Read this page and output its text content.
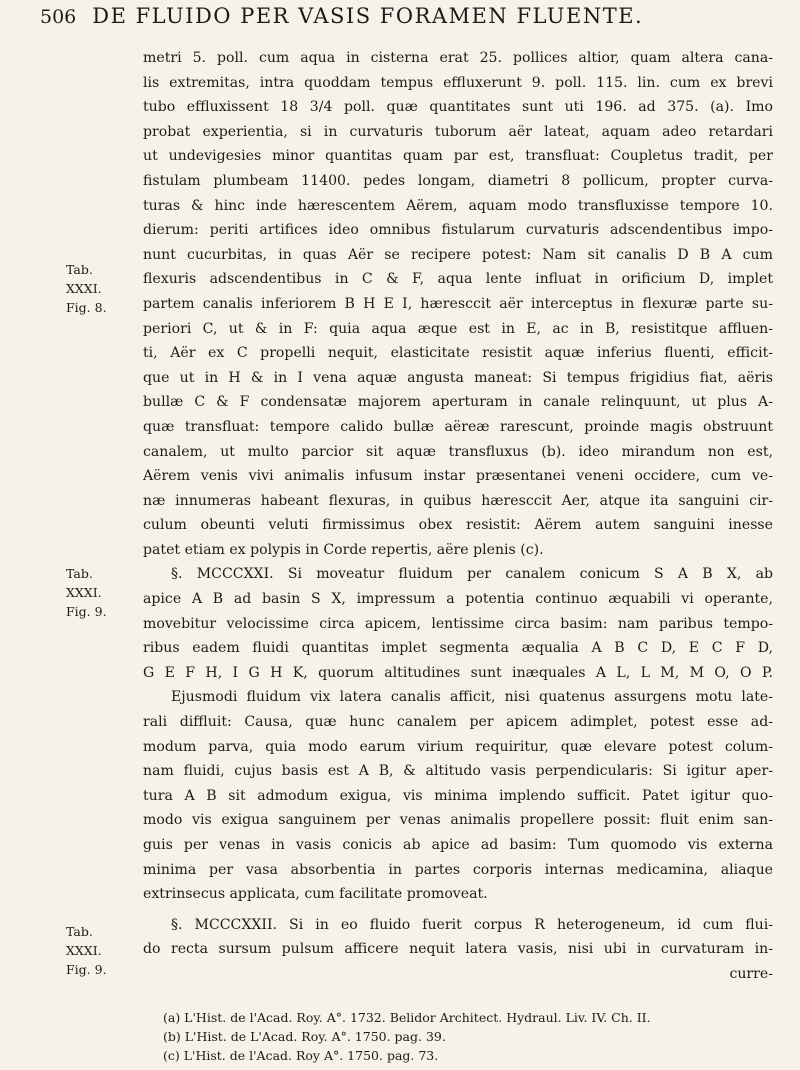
506 DE FLUIDO PER VASIS FORAMEN FLUENTE.
Tab.
XXXI.
Fig. 8.
Tab.
XXXI.
Fig. 9.
Tab.
XXXI.
Fig. 9.
metri 5. poll. cum aqua in cisterna erat 25. pollices altior, quam altera cana-
lis extremitas, intra quoddam tempus effluxerunt 9. poll. 115. lin. cum ex brevi
tubo effluxissent 18 3/4 poll. quæ quantitates sunt uti 196. ad 375. (a). Imo
probat experientia, si in curvaturis tuborum aër lateat, aquam adeo retardari
ut undevigesies minor quantitas quam par est, transfluat: Coupletus tradit, per
fistulam plumbeam 11400. pedes longam, diametri 8 pollicum, propter curva-
turas & hinc inde hærescentem Aërem, aquam modo transfluxisse tempore 10.
dierum: periti artifices ideo omnibus fistularum curvaturis adscendentibus impo-
nunt cucurbitas, in quas Aër se recipere potest: Nam sit canalis D B A cum
flexuris adscendentibus in C & F, aqua lente influat in orificium D, implet
partem canalis inferiorem B H E I, hæresccit aër interceptus in flexuræ parte su-
periori C, ut & in F: quia aqua æque est in E, ac in B, resistitque affluen-
ti, Aër ex C propelli nequit, elasticitate resistit aquæ inferius fluenti, efficit-
que ut in H & in I vena aquæ angusta maneat: Si tempus frigidius fiat, aëris
bullæ C & F condensatæ majorem aperturam in canale relinquunt, ut plus A-
quæ transfluat: tempore calido bullæ aëreæ rarescunt, proinde magis obstruunt
canalem, ut multo parcior sit aquæ transfluxus (b). ideo mirandum non est,
Aërem venis vivi animalis infusum instar præsentanei veneni occidere, cum ve-
næ innumeras habeant flexuras, in quibus hæresccit Aer, atque ita sanguini cir-
culum obeunti veluti firmissimus obex resistit: Aërem autem sanguini inesse
patet etiam ex polypis in Corde repertis, aëre plenis (c).
§. MCCCXXI. Si moveatur fluidum per canalem conicum S A B X, ab
apice A B ad basin S X, impressum a potentia continuo æquabili vi operante,
movebitur velocissime circa apicem, lentissime circa basim: nam paribus tempo-
ribus eadem fluidi quantitas implet segmenta æqualia A B C D, E C F D,
G E F H, I G H K, quorum altitudines sunt inæquales A L, L M, M O, O P.
Ejusmodi fluidum vix latera canalis afficit, nisi quatenus assurgens motu late-
rali diffluit: Causa, quæ hunc canalem per apicem adimplet, potest esse ad-
modum parva, quia modo earum virium requiritur, quæ elevare potest colum-
nam fluidi, cujus basis est A B, & altitudo vasis perpendicularis: Si igitur aper-
tura A B sit admodum exigua, vis minima implendo sufficit. Patet igitur quo-
modo vis exigua sanguinem per venas animalis propellere possit: fluit enim san-
guis per venas in vasis conicis ab apice ad basim: Tum quomodo vis externa
minima per vasa absorbentia in partes corporis internas medicamina, aliaque
extrinsecus applicata, cum facilitate promoveat.
§. MCCCXXII. Si in eo fluido fuerit corpus R heterogeneum, id cum flui-
do recta sursum pulsum afficere nequit latera vasis, nisi ubi in curvaturam in-
curre-
(a) L'Hist. de l'Acad. Roy. A°. 1732. Belidor Architect. Hydraul. Liv. IV. Ch. II.
(b) L'Hist. de L'Acad. Roy. A°. 1750. pag. 39.
(c) L'Hist. de l'Acad. Roy A°. 1750. pag. 73.
